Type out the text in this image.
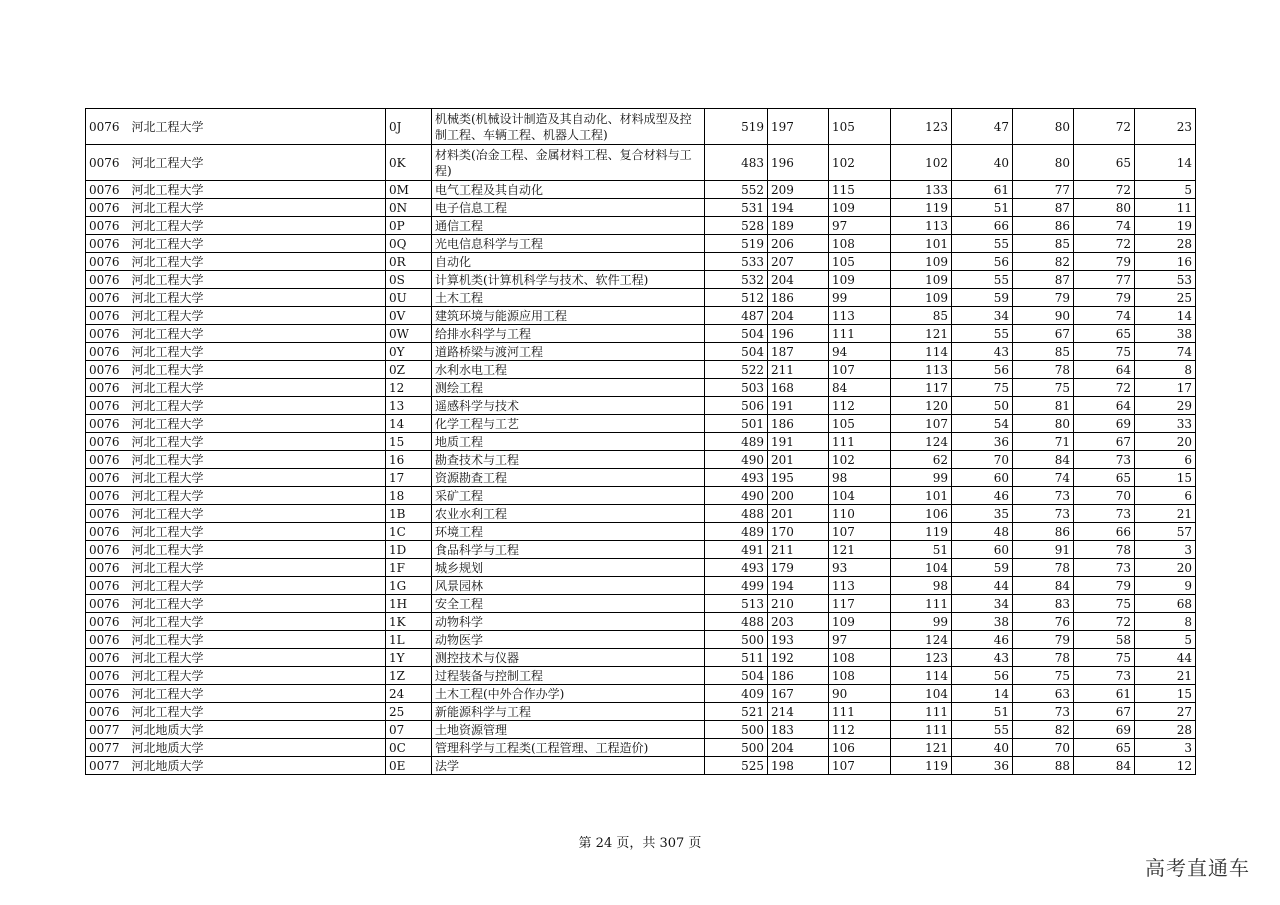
0076	河北工程大学	0J	机械类(机械设计制造及其自动化、材料成型及控制工程、车辆工程、机器人工程)	519	197	105	123	47	80	72	23
0076	河北工程大学	0K	材料类(冶金工程、金属材料工程、复合材料与工程)	483	196	102	102	40	80	65	14
0076	河北工程大学	0M	电气工程及其自动化	552	209	115	133	61	77	72	5
0076	河北工程大学	0N	电子信息工程	531	194	109	119	51	87	80	11
0076	河北工程大学	0P	通信工程	528	189	97	113	66	86	74	19
0076	河北工程大学	0Q	光电信息科学与工程	519	206	108	101	55	85	72	28
0076	河北工程大学	0R	自动化	533	207	105	109	56	82	79	16
0076	河北工程大学	0S	计算机类(计算机科学与技术、软件工程)	532	204	109	109	55	87	77	53
0076	河北工程大学	0U	土木工程	512	186	99	109	59	79	79	25
0076	河北工程大学	0V	建筑环境与能源应用工程	487	204	113	85	34	90	74	14
0076	河北工程大学	0W	给排水科学与工程	504	196	111	121	55	67	65	38
0076	河北工程大学	0Y	道路桥梁与渡河工程	504	187	94	114	43	85	75	74
0076	河北工程大学	0Z	水利水电工程	522	211	107	113	56	78	64	8
0076	河北工程大学	12	测绘工程	503	168	84	117	75	75	72	17
0076	河北工程大学	13	遥感科学与技术	506	191	112	120	50	81	64	29
0076	河北工程大学	14	化学工程与工艺	501	186	105	107	54	80	69	33
0076	河北工程大学	15	地质工程	489	191	111	124	36	71	67	20
0076	河北工程大学	16	勘查技术与工程	490	201	102	62	70	84	73	6
0076	河北工程大学	17	资源勘查工程	493	195	98	99	60	74	65	15
0076	河北工程大学	18	采矿工程	490	200	104	101	46	73	70	6
0076	河北工程大学	1B	农业水利工程	488	201	110	106	35	73	73	21
0076	河北工程大学	1C	环境工程	489	170	107	119	48	86	66	57
0076	河北工程大学	1D	食品科学与工程	491	211	121	51	60	91	78	3
0076	河北工程大学	1F	城乡规划	493	179	93	104	59	78	73	20
0076	河北工程大学	1G	风景园林	499	194	113	98	44	84	79	9
0076	河北工程大学	1H	安全工程	513	210	117	111	34	83	75	68
0076	河北工程大学	1K	动物科学	488	203	109	99	38	76	72	8
0076	河北工程大学	1L	动物医学	500	193	97	124	46	79	58	5
0076	河北工程大学	1Y	测控技术与仪器	511	192	108	123	43	78	75	44
0076	河北工程大学	1Z	过程装备与控制工程	504	186	108	114	56	75	73	21
0076	河北工程大学	24	土木工程(中外合作办学)	409	167	90	104	14	63	61	15
0076	河北工程大学	25	新能源科学与工程	521	214	111	111	51	73	67	27
0077	河北地质大学	07	土地资源管理	500	183	112	111	55	82	69	28
0077	河北地质大学	0C	管理科学与工程类(工程管理、工程造价)	500	204	106	121	40	70	65	3
0077	河北地质大学	0E	法学	525	198	107	119	36	88	84	12
第 24 页，共 307 页
高考直通车
